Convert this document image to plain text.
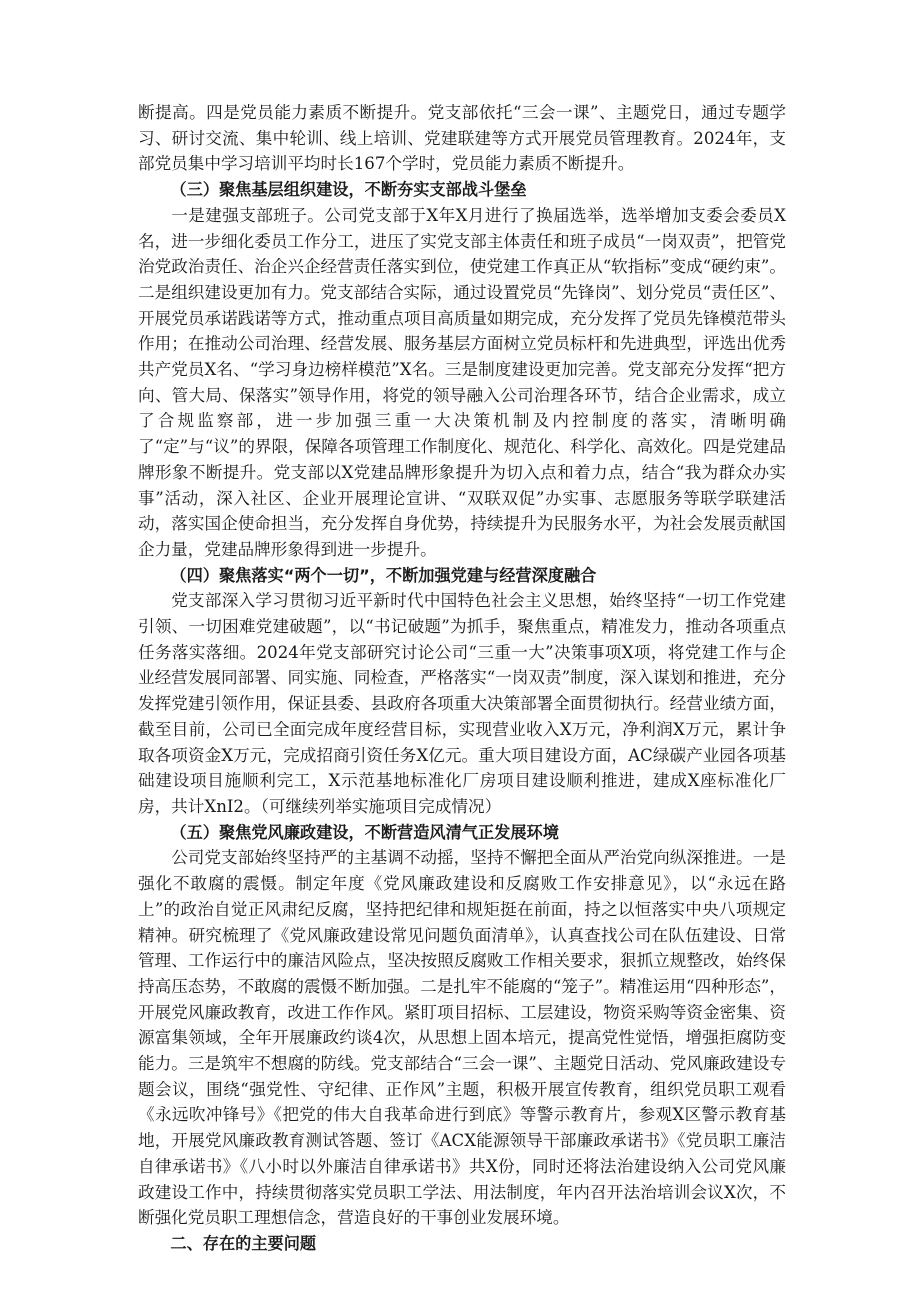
断提高。四是党员能力素质不断提升。党支部依托“三会一课”、主题党日，通过专题学习、研讨交流、集中轮训、线上培训、党建联建等方式开展党员管理教育。2024年，支部党员集中学习培训平均时长167个学时，党员能力素质不断提升。

（三）聚焦基层组织建设，不断夯实支部战斗堡垒

一是建强支部班子。公司党支部于X年X月进行了换届选举，选举增加支委会委员X名，进一步细化委员工作分工，进压了实党支部主体责任和班子成员“一岗双责”，把管党治党政治责任、治企兴企经营责任落实到位，使党建工作真正从“软指标”变成“硬约束”。二是组织建设更加有力。党支部结合实际，通过设置党员“先锋岗”、划分党员“责任区”、开展党员承诺践诺等方式，推动重点项目高质量如期完成，充分发挥了党员先锋模范带头作用；在推动公司治理、经营发展、服务基层方面树立党员标杆和先进典型，评选出优秀共产党员X名、“学习身边榜样模范”X名。三是制度建设更加完善。党支部充分发挥“把方向、管大局、保落实”领导作用，将党的领导融入公司治理各环节，结合企业需求，成立了合规监察部，进一步加强三重一大决策机制及内控制度的落实，清晰明确了“定”与“议”的界限，保障各项管理工作制度化、规范化、科学化、高效化。四是党建品牌形象不断提升。党支部以X党建品牌形象提升为切入点和着力点，结合“我为群众办实事”活动，深入社区、企业开展理论宣讲、“双联双促”办实事、志愿服务等联学联建活动，落实国企使命担当，充分发挥自身优势，持续提升为民服务水平，为社会发展贡献国企力量，党建品牌形象得到进一步提升。

（四）聚焦落实“两个一切”，不断加强党建与经营深度融合

党支部深入学习贯彻习近平新时代中国特色社会主义思想，始终坚持“一切工作党建引领、一切困难党建破题”，以“书记破题”为抓手，聚焦重点，精准发力，推动各项重点任务落实落细。2024年党支部研究讨论公司“三重一大”决策事项X项，将党建工作与企业经营发展同部署、同实施、同检查，严格落实“一岗双责”制度，深入谋划和推进，充分发挥党建引领作用，保证县委、县政府各项重大决策部署全面贯彻执行。经营业绩方面，截至目前，公司已全面完成年度经营目标，实现营业收入X万元，净利润X万元，累计争取各项资金X万元，完成招商引资任务X亿元。重大项目建设方面，AC绿碳产业园各项基础建设项目施顺利完工，X示范基地标准化厂房项目建设顺利推进，建成X座标准化厂房，共计XnI2。（可继续列举实施项目完成情况）

（五）聚焦党风廉政建设，不断营造风清气正发展环境

公司党支部始终坚持严的主基调不动摇，坚持不懈把全面从严治党向纵深推进。一是强化不敢腐的震慑。制定年度《党风廉政建设和反腐败工作安排意见》，以“永远在路上”的政治自觉正风肃纪反腐，坚持把纪律和规矩挺在前面，持之以恒落实中央八项规定精神。研究梳理了《党风廉政建设常见问题负面清单》，认真查找公司在队伍建设、日常管理、工作运行中的廉洁风险点，坚决按照反腐败工作相关要求，狠抓立规整改，始终保持高压态势，不敢腐的震慑不断加强。二是扎牢不能腐的“笼子”。精准运用“四种形态”，开展党风廉政教育，改进工作作风。紧盯项目招标、工层建设，物资采购等资金密集、资源富集领域，全年开展廉政约谈4次，从思想上固本培元，提高党性觉悟，增强拒腐防变能力。三是筑牢不想腐的防线。党支部结合“三会一课”、主题党日活动、党风廉政建设专题会议，围绕“强党性、守纪律、正作风”主题，积极开展宣传教育，组织党员职工观看《永远吹冲锋号》《把党的伟大自我革命进行到底》等警示教育片，参观X区警示教育基地，开展党风廉政教育测试答题、签订《ACX能源领导干部廉政承诺书》《党员职工廉洁自律承诺书》《八小时以外廉洁自律承诺书》共X份，同时还将法治建设纳入公司党风廉政建设工作中，持续贯彻落实党员职工学法、用法制度，年内召开法治培训会议X次，不断强化党员职工理想信念，营造良好的干事创业发展环境。

二、存在的主要问题
